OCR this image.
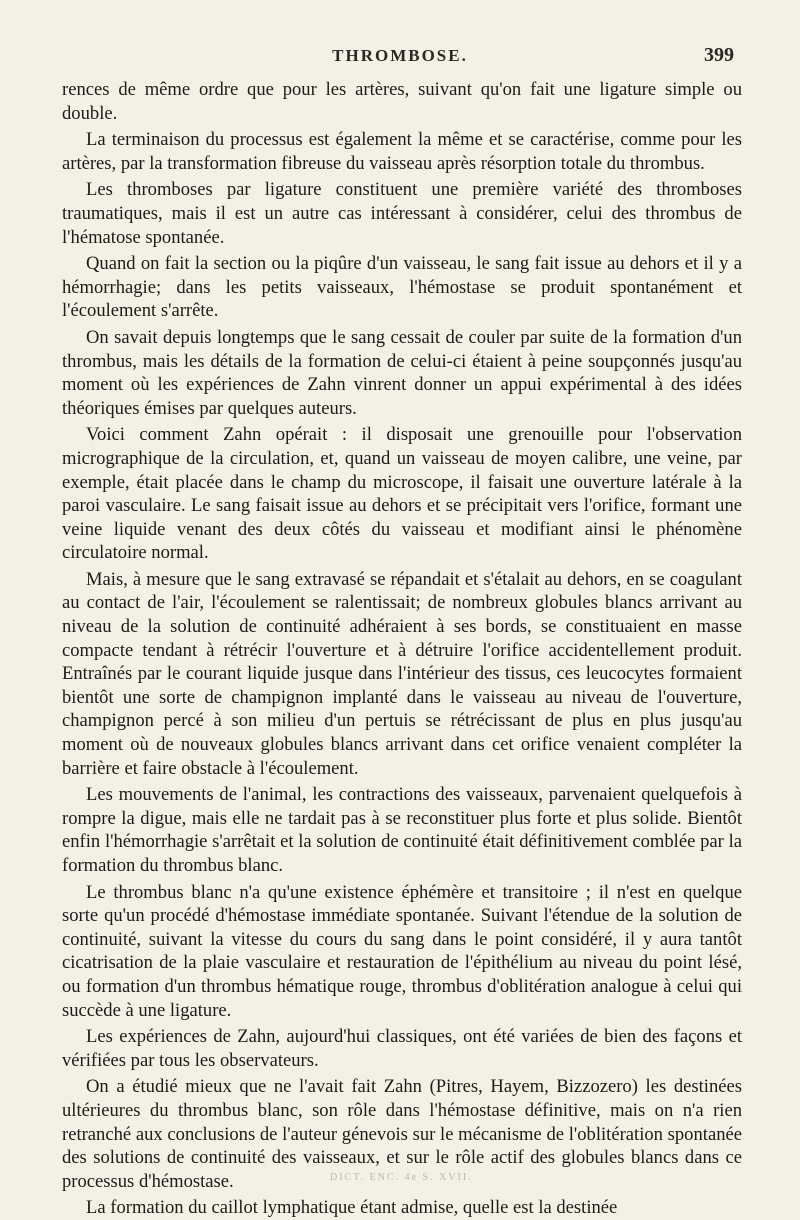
THROMBOSE.	399

rences de même ordre que pour les artères, suivant qu'on fait une ligature simple ou double.

La terminaison du processus est également la même et se caractérise, comme pour les artères, par la transformation fibreuse du vaisseau après résorption totale du thrombus.

Les thromboses par ligature constituent une première variété des thromboses traumatiques, mais il est un autre cas intéressant à considérer, celui des thrombus de l'hématose spontanée.

Quand on fait la section ou la piqûre d'un vaisseau, le sang fait issue au dehors et il y a hémorrhagie; dans les petits vaisseaux, l'hémostase se produit spontanément et l'écoulement s'arrête.

On savait depuis longtemps que le sang cessait de couler par suite de la formation d'un thrombus, mais les détails de la formation de celui-ci étaient à peine soupçonnés jusqu'au moment où les expériences de Zahn vinrent donner un appui expérimental à des idées théoriques émises par quelques auteurs.

Voici comment Zahn opérait : il disposait une grenouille pour l'observation micrographique de la circulation, et, quand un vaisseau de moyen calibre, une veine, par exemple, était placée dans le champ du microscope, il faisait une ouverture latérale à la paroi vasculaire. Le sang faisait issue au dehors et se précipitait vers l'orifice, formant une veine liquide venant des deux côtés du vaisseau et modifiant ainsi le phénomène circulatoire normal.

Mais, à mesure que le sang extravasé se répandait et s'étalait au dehors, en se coagulant au contact de l'air, l'écoulement se ralentissait; de nombreux globules blancs arrivant au niveau de la solution de continuité adhéraient à ses bords, se constituaient en masse compacte tendant à rétrécir l'ouverture et à détruire l'orifice accidentellement produit. Entraînés par le courant liquide jusque dans l'intérieur des tissus, ces leucocytes formaient bientôt une sorte de champignon implanté dans le vaisseau au niveau de l'ouverture, champignon percé à son milieu d'un pertuis se rétrécissant de plus en plus jusqu'au moment où de nouveaux globules blancs arrivant dans cet orifice venaient compléter la barrière et faire obstacle à l'écoulement.

Les mouvements de l'animal, les contractions des vaisseaux, parvenaient quelquefois à rompre la digue, mais elle ne tardait pas à se reconstituer plus forte et plus solide. Bientôt enfin l'hémorrhagie s'arrêtait et la solution de continuité était définitivement comblée par la formation du thrombus blanc.

Le thrombus blanc n'a qu'une existence éphémère et transitoire ; il n'est en quelque sorte qu'un procédé d'hémostase immédiate spontanée. Suivant l'étendue de la solution de continuité, suivant la vitesse du cours du sang dans le point considéré, il y aura tantôt cicatrisation de la plaie vasculaire et restauration de l'épithélium au niveau du point lésé, ou formation d'un thrombus hématique rouge, thrombus d'oblitération analogue à celui qui succède à une ligature.

Les expériences de Zahn, aujourd'hui classiques, ont été variées de bien des façons et vérifiées par tous les observateurs.

On a étudié mieux que ne l'avait fait Zahn (Pitres, Hayem, Bizzozero) les destinées ultérieures du thrombus blanc, son rôle dans l'hémostase définitive, mais on n'a rien retranché aux conclusions de l'auteur génevois sur le mécanisme de l'oblitération spontanée des solutions de continuité des vaisseaux, et sur le rôle actif des globules blancs dans ce processus d'hémostase.

La formation du caillot lymphatique étant admise, quelle est la destinée

DICT. ENC. 4e S. XVII.
